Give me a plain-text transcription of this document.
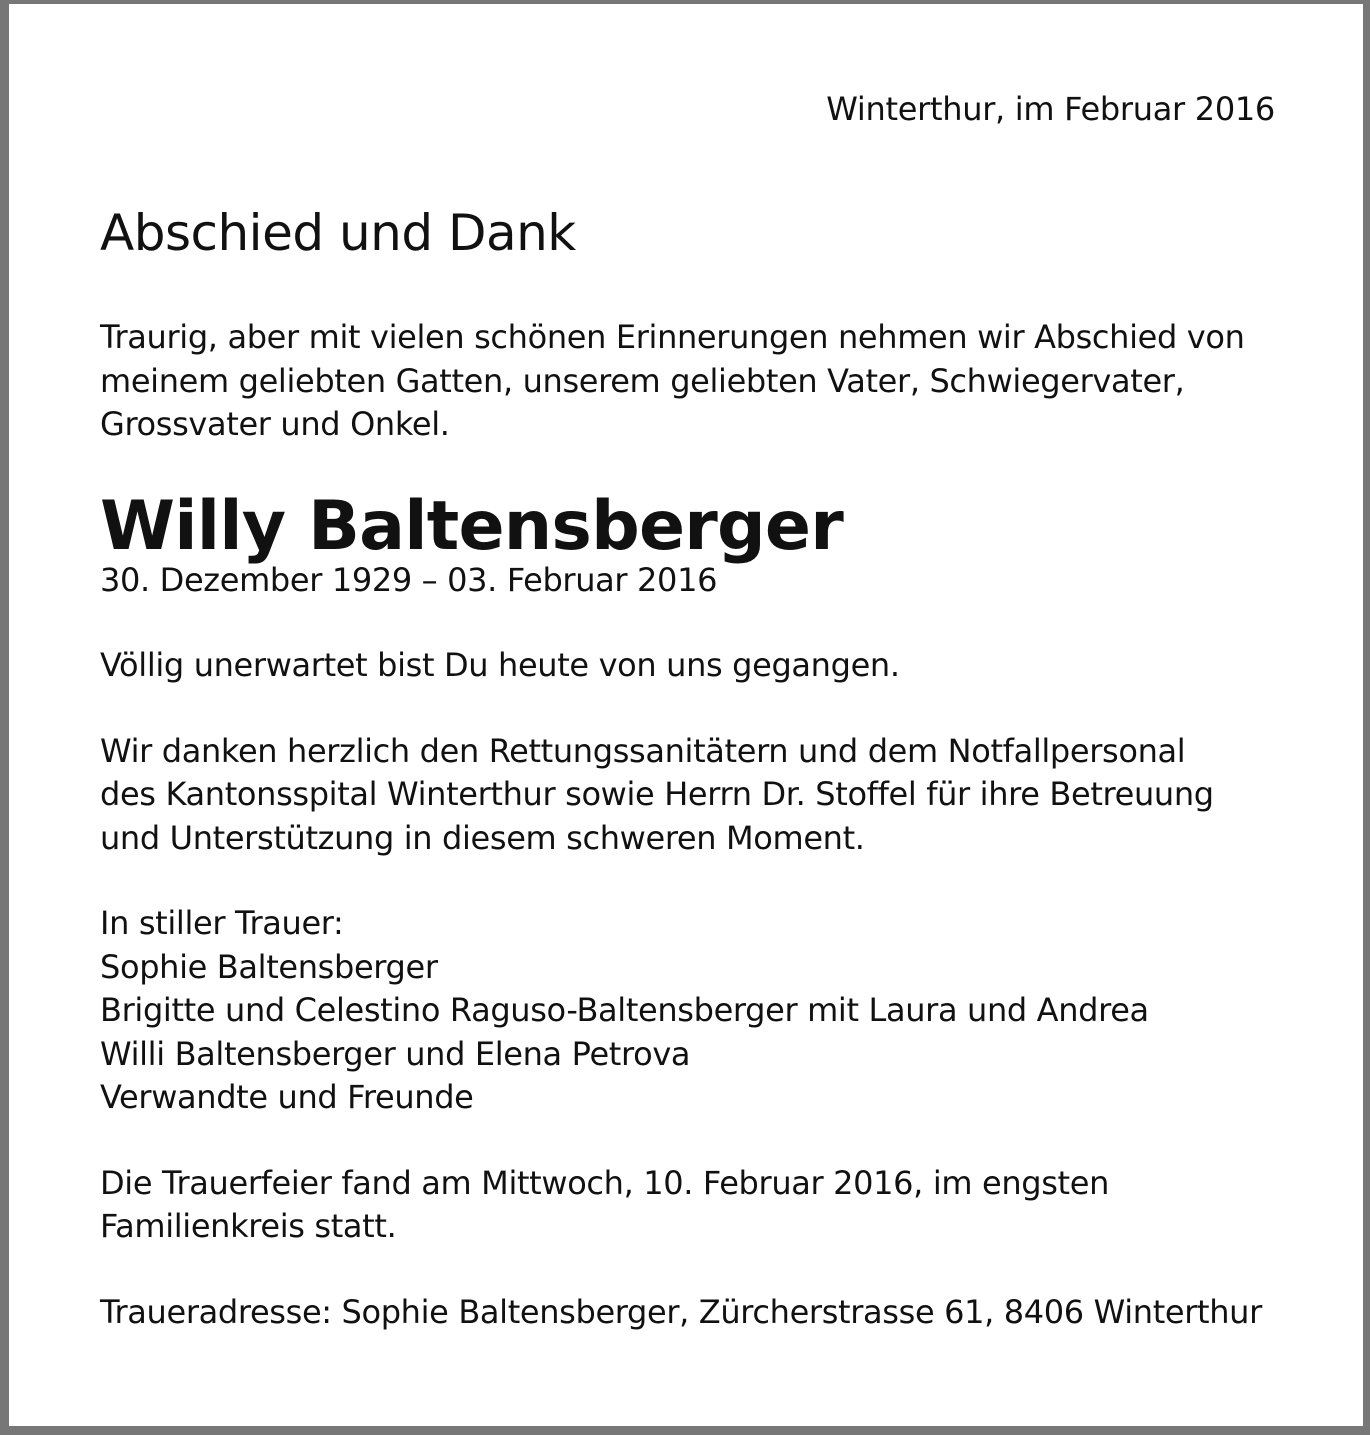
Winterthur, im Februar 2016
Abschied und Dank

Traurig, aber mit vielen schönen Erinnerungen nehmen wir Abschied von
meinem geliebten Gatten, unserem geliebten Vater, Schwiegervater,
Grossvater und Onkel.

Willy Baltensberger

30. Dezember 1929 – 03. Februar 2016

Völlig unerwartet bist Du heute von uns gegangen.

Wir danken herzlich den Rettungssanitätern und dem Notfallpersonal
des Kantonsspital Winterthur sowie Herrn Dr. Stoffel für ihre Betreuung
und Unterstützung in diesem schweren Moment.

In stiller Trauer:
Sophie Baltensberger
Brigitte und Celestino Raguso-Baltensberger mit Laura und Andrea
Willi Baltensberger und Elena Petrova
Verwandte und Freunde

Die Trauerfeier fand am Mittwoch, 10. Februar 2016, im engsten
Familienkreis statt.

Traueradresse: Sophie Baltensberger, Zürcherstrasse 61, 8406 Winterthur
